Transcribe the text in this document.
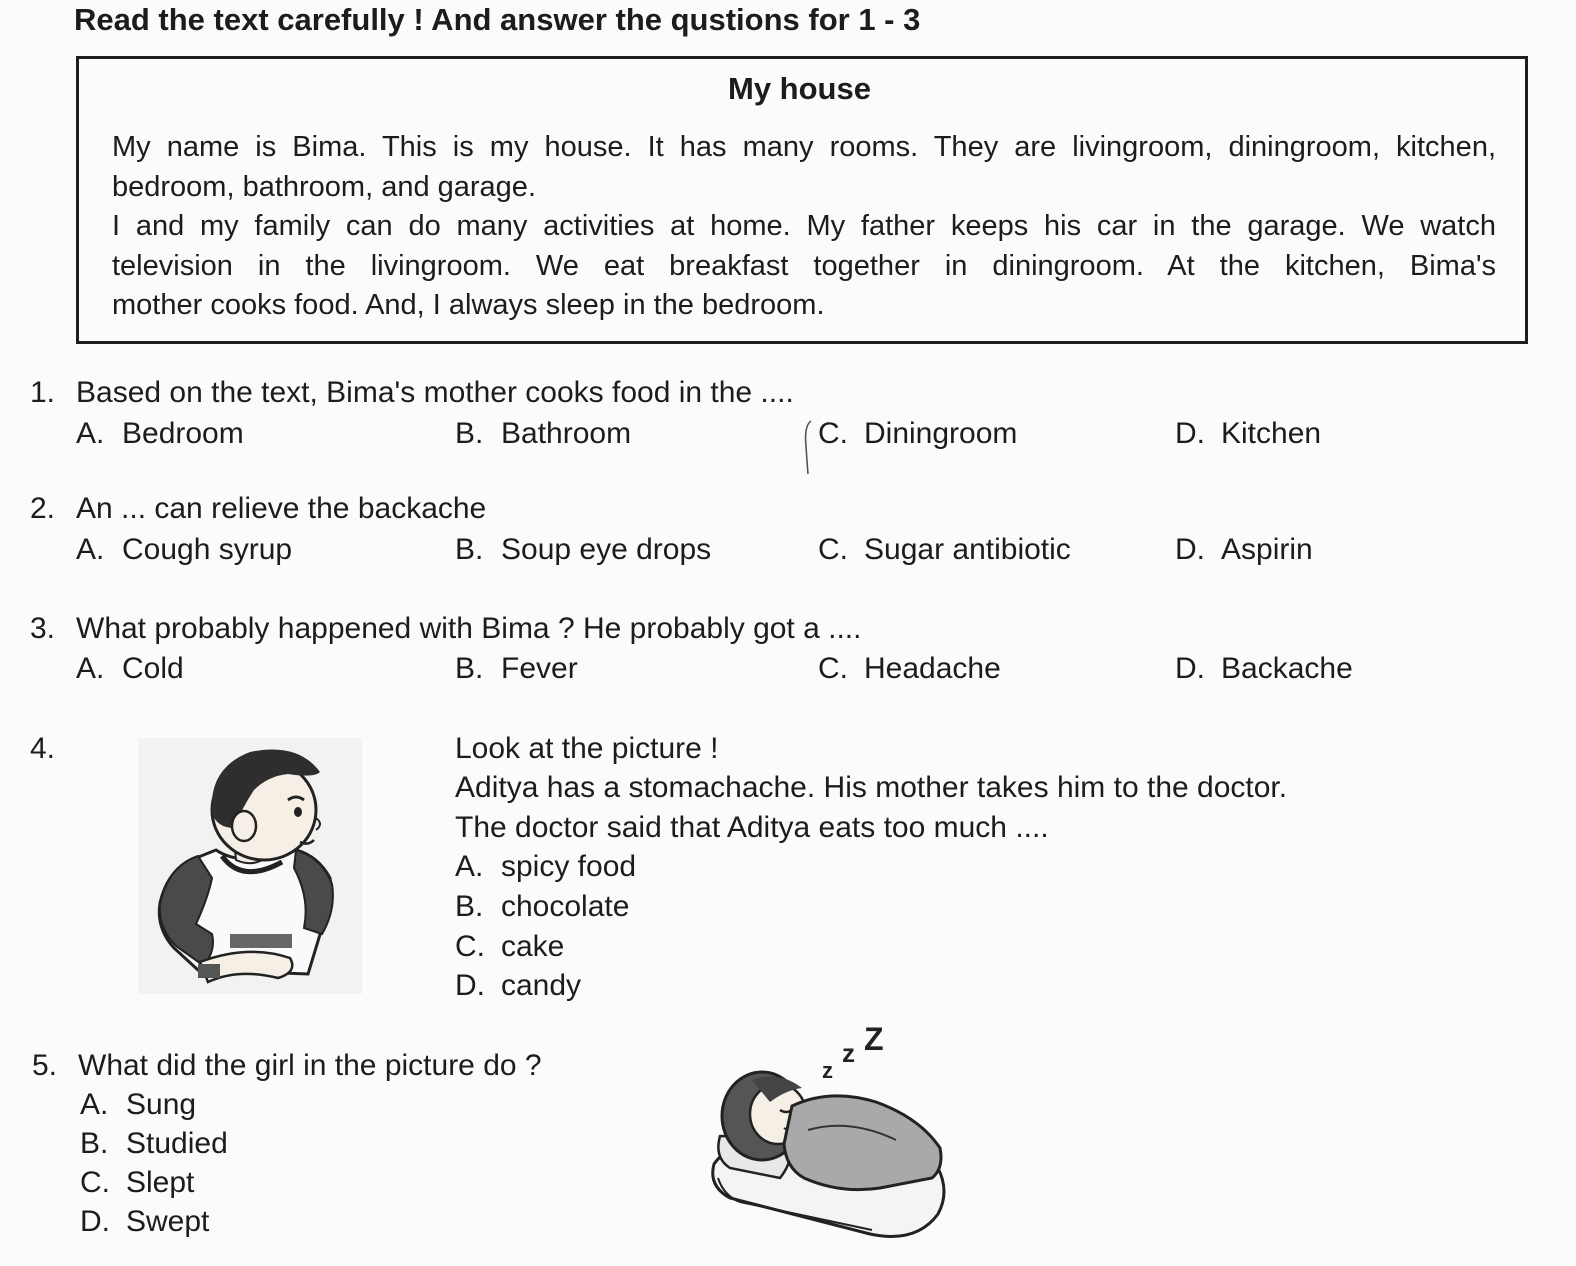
Read the text carefully ! And answer the qustions for 1 - 3
My house
My name is Bima. This is my house. It has many rooms. They are livingroom, diningroom, kitchen,
bedroom, bathroom, and garage.
I and my family can do many activities at home. My father keeps his car in the garage. We watch
television in the livingroom. We eat breakfast together in diningroom. At the kitchen, Bima's
mother cooks food. And, I always sleep in the bedroom.
1. Based on the text, Bima's mother cooks food in the ....
A. Bedroom	B. Bathroom	C. Diningroom	D. Kitchen
2. An ... can relieve the backache
A. Cough syrup	B. Soup eye drops	C. Sugar antibiotic	D. Aspirin
3. What probably happened with Bima ? He probably got a ....
A. Cold	B. Fever	C. Headache	D. Backache
4.	Look at the picture !
Aditya has a stomachache. His mother takes him to the doctor.
The doctor said that Aditya eats too much ....
A. spicy food
B. chocolate
C. cake
D. candy
5. What did the girl in the picture do ?
A. Sung
B. Studied
C. Slept
D. Swept
z
z Z
